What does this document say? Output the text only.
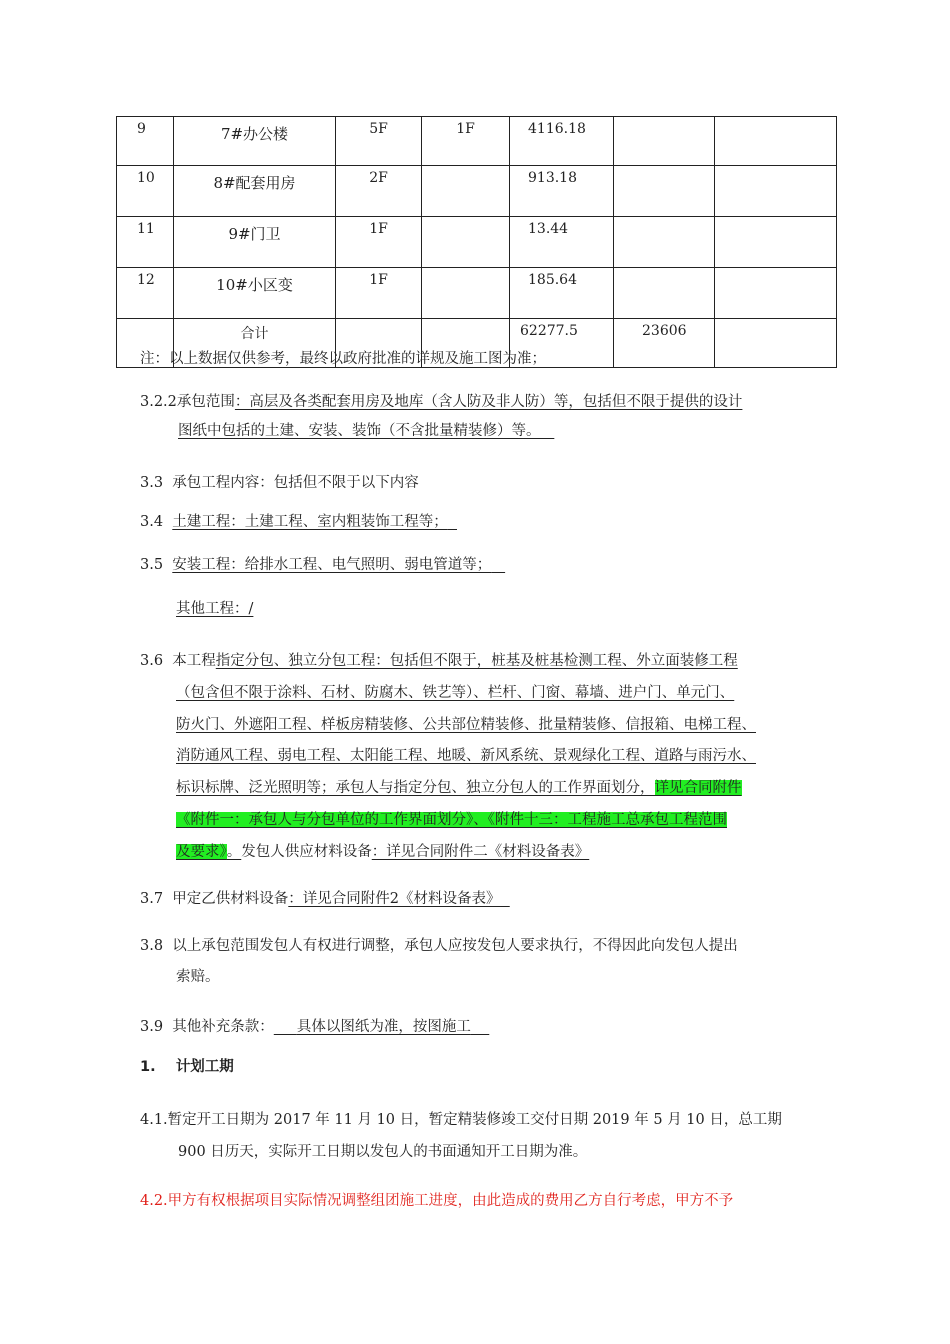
9	7#办公楼	5F	1F	4116.18		
10	8#配套用房	2F		913.18		
11	9#门卫	1F		13.44		
12	10#小区变	1F		185.64		
	合计			62277.5	23606	
注：以上数据仅供参考，最终以政府批准的详规及施工图为准；
3.2.2承包范围：高层及各类配套用房及地库（含人防及非人防）等，包括但不限于提供的设计
图纸中包括的土建、安装、装饰（不含批量精装修）等。
3.3 承包工程内容：包括但不限于以下内容
3.4 土建工程：土建工程、室内粗装饰工程等；
3.5 安装工程：给排水工程、电气照明、弱电管道等；
其他工程：/
3.6 本工程指定分包、独立分包工程：包括但不限于，桩基及桩基检测工程、外立面装修工程
（包含但不限于涂料、石材、防腐木、铁艺等）、栏杆、门窗、幕墙、进户门、单元门、
防火门、外遮阳工程、样板房精装修、公共部位精装修、批量精装修、信报箱、电梯工程、
消防通风工程、弱电工程、太阳能工程、地暖、新风系统、景观绿化工程、道路与雨污水、
标识标牌、泛光照明等；承包人与指定分包、独立分包人的工作界面划分，详见合同附件
《附件一：承包人与分包单位的工作界面划分》、《附件十三：工程施工总承包工程范围
及要求》。发包人供应材料设备：详见合同附件二《材料设备表》
3.7 甲定乙供材料设备：详见合同附件2《材料设备表》
3.8 以上承包范围发包人有权进行调整，承包人应按发包人要求执行，不得因此向发包人提出
索赔。
3.9 其他补充条款： 具体以图纸为准，按图施工
1. 计划工期
4.1.暂定开工日期为 2017 年 11 月 10 日，暂定精装修竣工交付日期 2019 年 5 月 10 日，总工期
900 日历天，实际开工日期以发包人的书面通知开工日期为准。
4.2.甲方有权根据项目实际情况调整组团施工进度，由此造成的费用乙方自行考虑，甲方不予
